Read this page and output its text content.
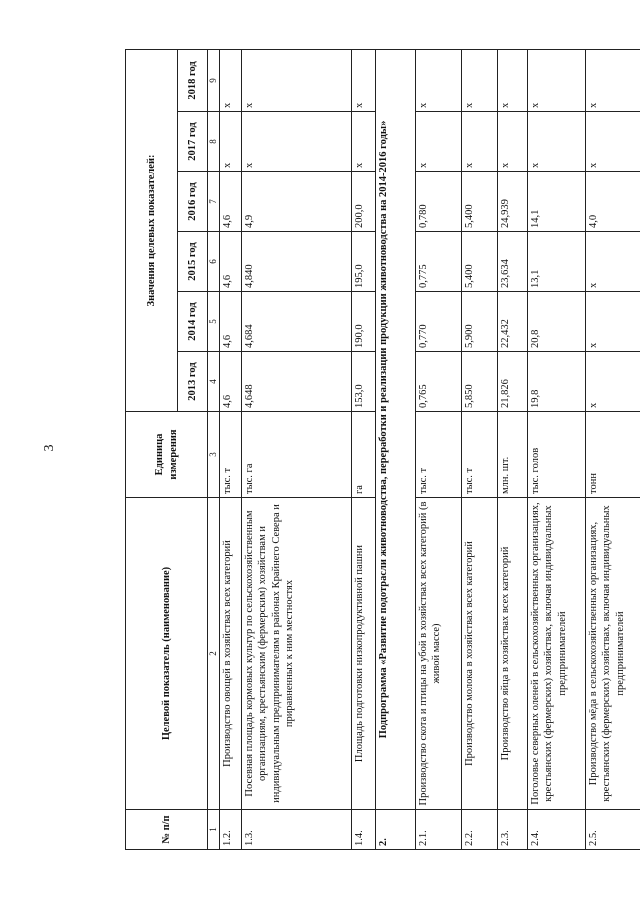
3
№ п/п	Целевой показатель (наименование)	Единица измерения	Значения целевых показателей:					
			2013 год	2014 год	2015 год	2016 год	2017 год	2018 год
1	2	3	4	5	6	7	8	9
1.2.	Производство овощей в хозяйствах всех категорий	тыс. т	4,6	4,6	4,6	4,6	х	х
1.3.	Посевная площадь кормовых культур по сельскохозяйственным организациям, крестьянским (фермерским) хозяйствам и индивидуальным предпринимателям в районах Крайнего Севера и приравненных к ним местностях	тыс. га	4,648	4,684	4,840	4,9	х	х
1.4.	Площадь подготовки низкопродуктивной пашни	га	153,0	190,0	195,0	200,0	х	х
2.	Подпрограмма «Развитие подотрасли животноводства, переработки и реализации продукции животноводства на 2014-2016 годы»							
2.1.	Производство скота и птицы на убой в хозяйствах всех категорий (в живой массе)	тыс. т	0,765	0,770	0,775	0,780	х	х
2.2.	Производство молока в хозяйствах всех категорий	тыс. т	5,850	5,900	5,400	5,400	х	х
2.3.	Производство яйца в хозяйствах всех категорий	млн. шт.	21,826	22,432	23,634	24,939	х	х
2.4.	Поголовье северных оленей в сельскохозяйственных организациях, крестьянских (фермерских) хозяйствах, включая индивидуальных предпринимателей	тыс. голов	19,8	20,8	13,1	14,1	х	х
2.5.	Производство мёда в сельскохозяйственных организациях, крестьянских (фермерских) хозяйствах, включая индивидуальных предпринимателей	тонн	х	х	х	4,0	х	х
